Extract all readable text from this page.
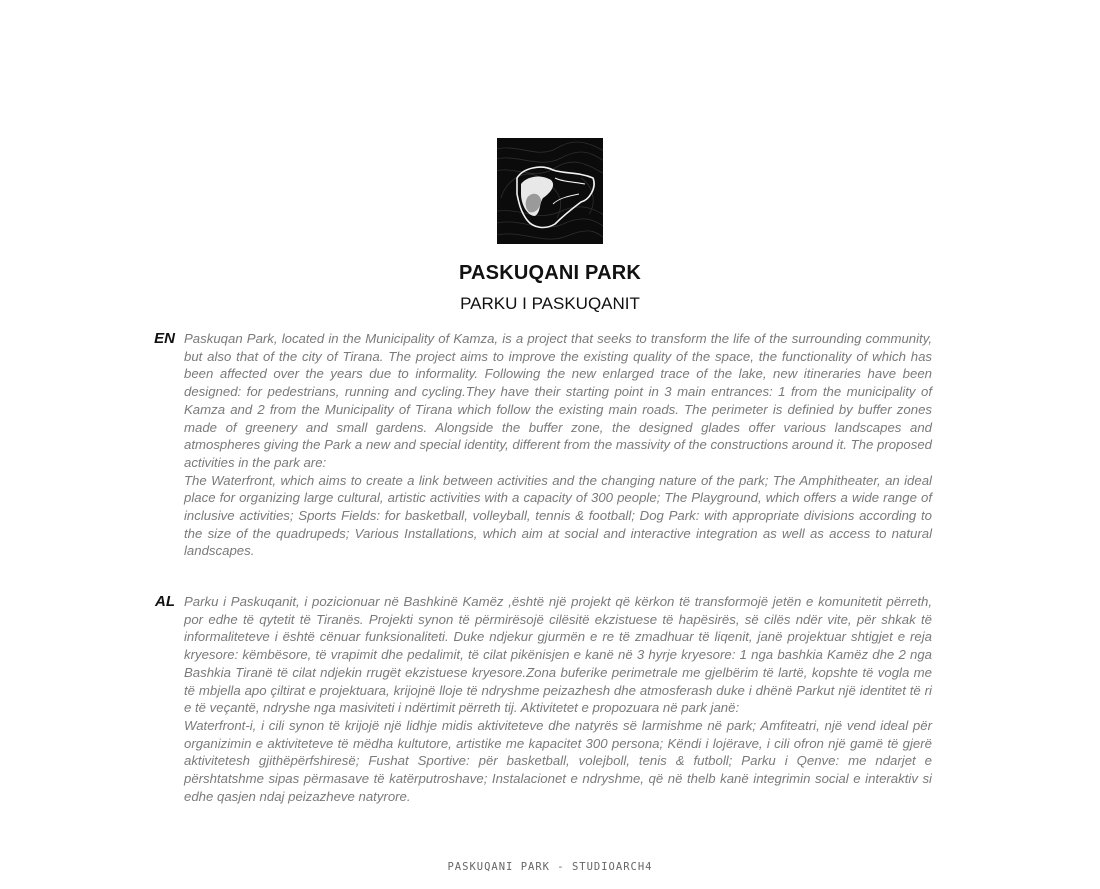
PASKUQANI PARK
PARKU I PASKUQANIT
EN Paskuqan Park, located in the Municipality of Kamza, is a project that seeks to transform the life of the surrounding community, but also that of the city of Tirana. The project aims to improve the existing quality of the space, the functionality of which has been affected over the years due to informality. Following the new enlarged trace of the lake, new itineraries have been designed: for pedestrians, running and cycling.They have their starting point in 3 main entrances: 1 from the municipality of Kamza and 2 from the Municipality of Tirana which follow the existing main roads. The perimeter is definied by buffer zones made of greenery and small gardens. Alongside the buffer zone, the designed glades offer various landscapes and atmospheres giving the Park a new and special identity, different from the massivity of the constructions around it. The proposed activities in the park are:

The Waterfront, which aims to create a link between activities and the changing nature of the park; The Amphitheater, an ideal place for organizing large cultural, artistic activities with a capacity of 300 people; The Playground, which offers a wide range of inclusive activities; Sports Fields: for basketball, volleyball, tennis & football; Dog Park: with appropriate divisions according to the size of the quadrupeds; Various Installations, which aim at social and interactive integration as well as access to natural landscapes.

AL Parku i Paskuqanit, i pozicionuar në Bashkinë Kamëz ,është një projekt që kërkon të transformojë jetën e komunitetit përreth, por edhe të qytetit të Tiranës. Projekti synon të përmirësojë cilësitë ekzistuese të hapësirës, së cilës ndër vite, për shkak të informaliteteve i është cënuar funksionaliteti. Duke ndjekur gjurmën e re të zmadhuar të liqenit, janë projektuar shtigjet e reja kryesore: këmbësore, të vrapimit dhe pedalimit, të cilat pikënisjen e kanë në 3 hyrje kryesore: 1 nga bashkia Kamëz dhe 2 nga Bashkia Tiranë të cilat ndjekin rrugët ekzistuese kryesore.Zona buferike perimetrale me gjelbërim të lartë, kopshte të vogla me të mbjella apo çiltirat e projektuara, krijojnë lloje të ndryshme peizazhesh dhe atmosferash duke i dhënë Parkut një identitet të ri e të veçantë, ndryshe nga masiviteti i ndërtimit përreth tij. Aktivitetet e propozuara në park janë:

Waterfront-i, i cili synon të krijojë një lidhje midis aktiviteteve dhe natyrës së larmishme në park; Amfiteatri, një vend ideal për organizimin e aktiviteteve të mëdha kultutore, artistike me kapacitet 300 persona; Këndi i lojërave, i cili ofron një gamë të gjerë aktivitetesh gjithëpërfshiresë; Fushat Sportive: për basketball, volejboll, tenis & futboll; Parku i Qenve: me ndarjet e përshtatshme sipas përmasave të katërputroshave; Instalacionet e ndryshme, që në thelb kanë integrimin social e interaktiv si edhe qasjen ndaj peizazheve natyrore.

PASKUQANI PARK - STUDIOARCH4
